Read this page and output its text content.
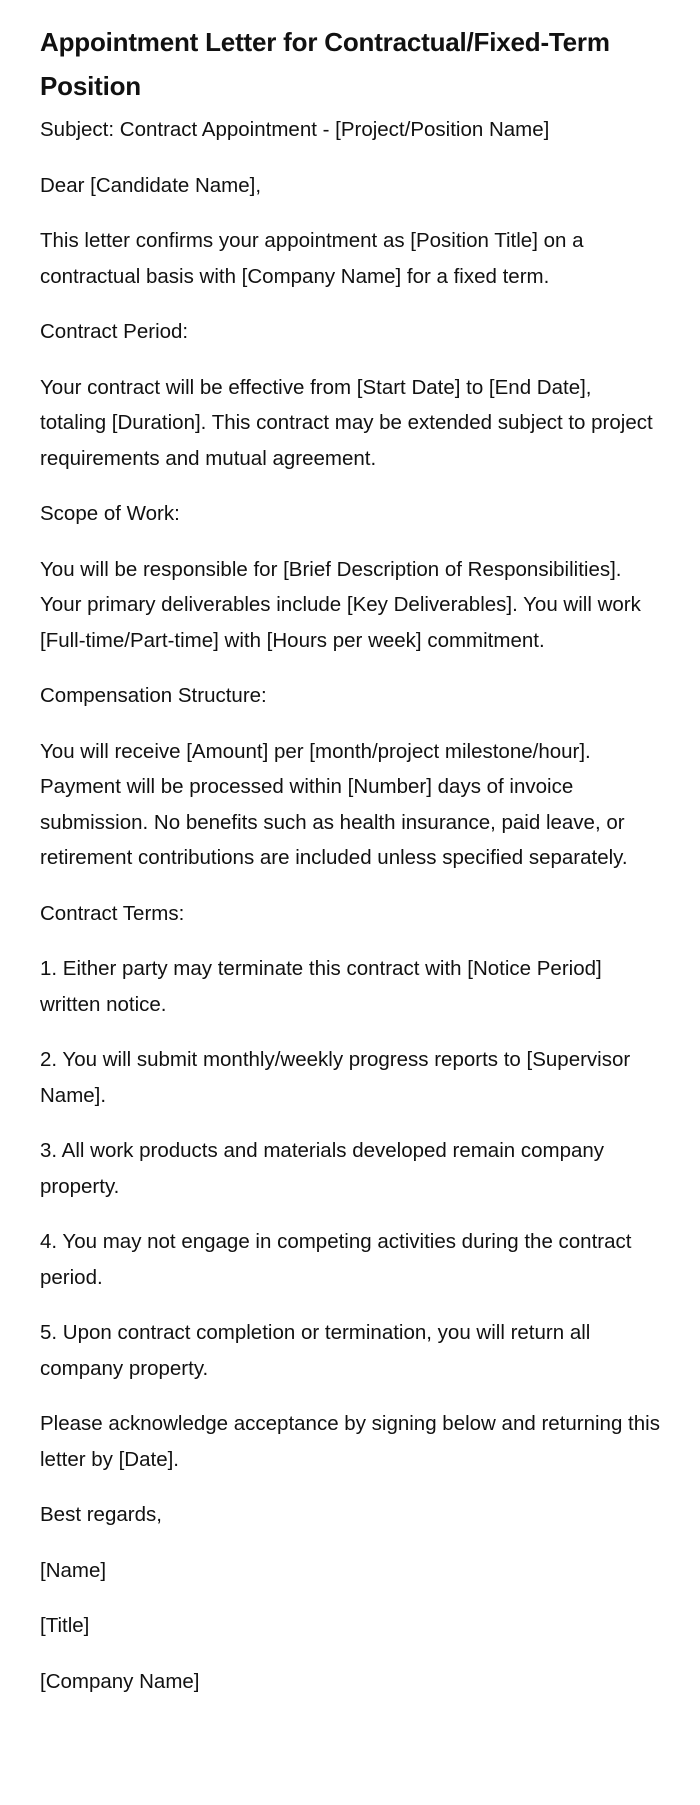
Appointment Letter for Contractual/Fixed-Term Position

Subject: Contract Appointment - [Project/Position Name]

Dear [Candidate Name],

This letter confirms your appointment as [Position Title] on a contractual basis with [Company Name] for a fixed term.

Contract Period:

Your contract will be effective from [Start Date] to [End Date], totaling [Duration]. This contract may be extended subject to project requirements and mutual agreement.

Scope of Work:

You will be responsible for [Brief Description of Responsibilities]. Your primary deliverables include [Key Deliverables]. You will work [Full-time/Part-time] with [Hours per week] commitment.

Compensation Structure:

You will receive [Amount] per [month/project milestone/hour]. Payment will be processed within [Number] days of invoice submission. No benefits such as health insurance, paid leave, or retirement contributions are included unless specified separately.

Contract Terms:

1. Either party may terminate this contract with [Notice Period] written notice.

2. You will submit monthly/weekly progress reports to [Supervisor Name].

3. All work products and materials developed remain company property.

4. You may not engage in competing activities during the contract period.

5. Upon contract completion or termination, you will return all company property.

Please acknowledge acceptance by signing below and returning this letter by [Date].

Best regards,

[Name]

[Title]

[Company Name]
